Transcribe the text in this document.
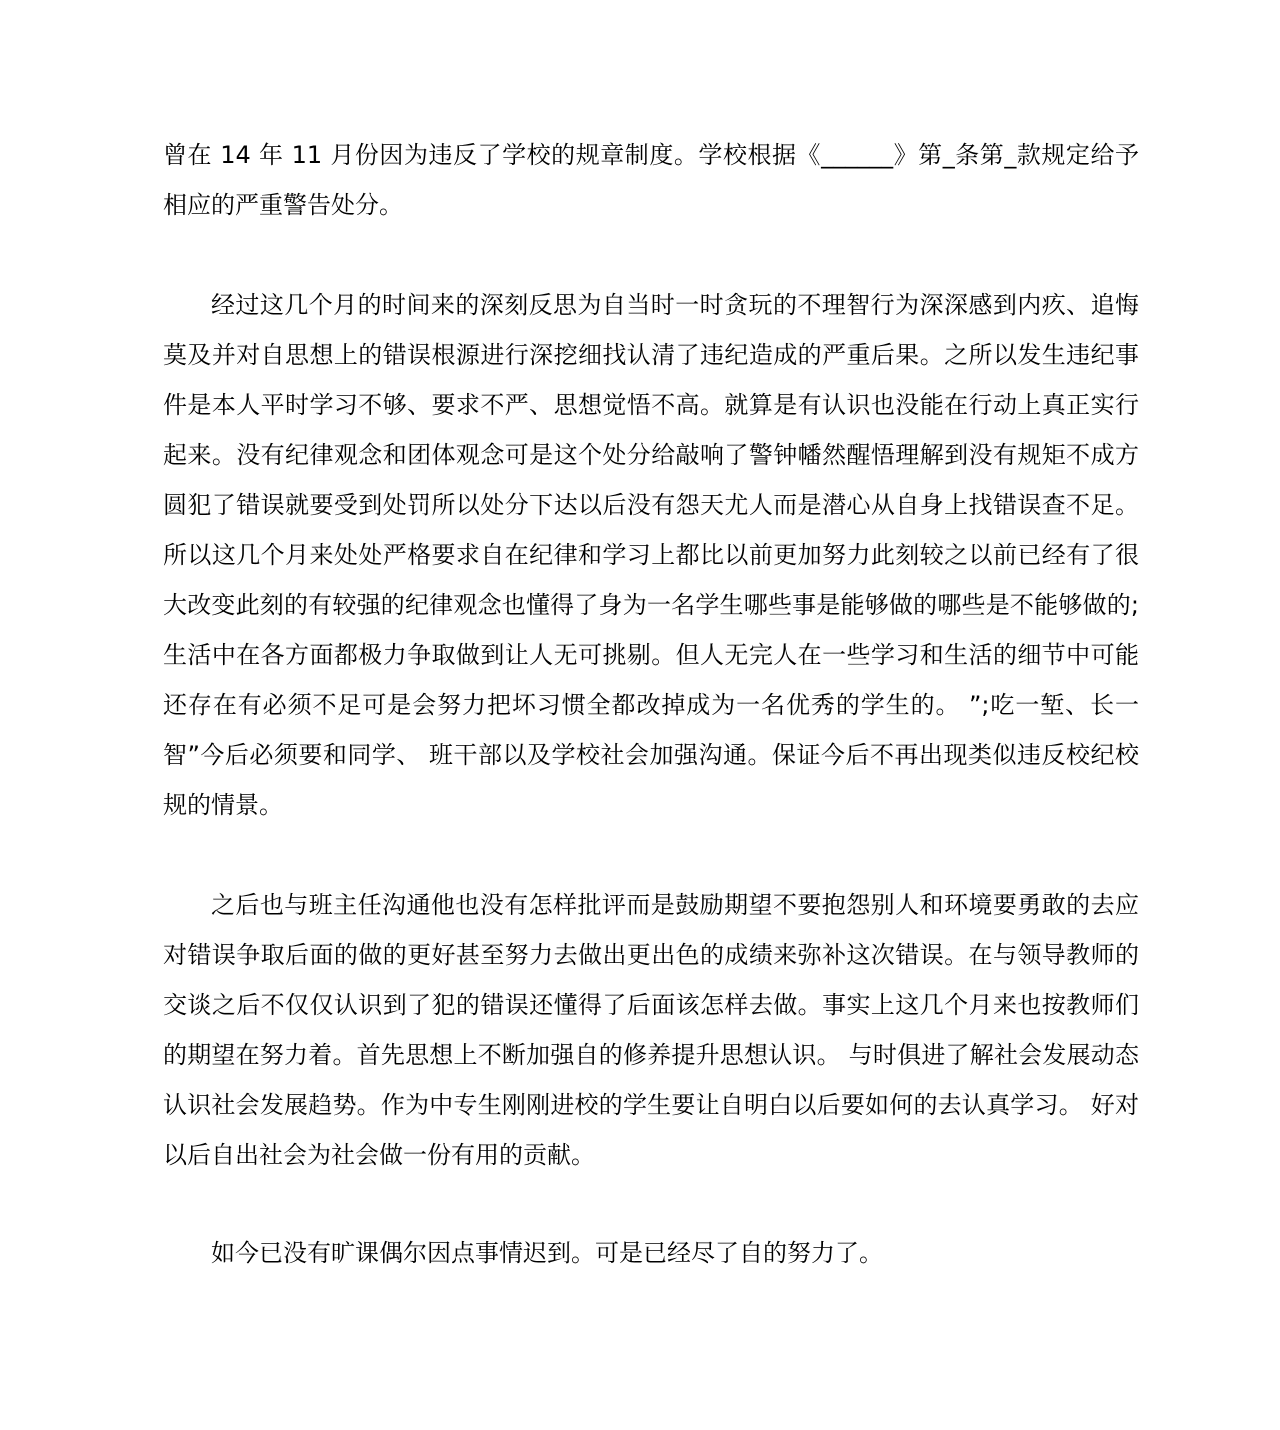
曾在 14 年 11 月份因为违反了学校的规章制度。学校根据《______》第_条第_款规定给予相应的严重警告处分。

经过这几个月的时间来的深刻反思为自当时一时贪玩的不理智行为深深感到内疚、追悔莫及并对自思想上的错误根源进行深挖细找认清了违纪造成的严重后果。之所以发生违纪事件是本人平时学习不够、要求不严、思想觉悟不高。就算是有认识也没能在行动上真正实行起来。没有纪律观念和团体观念可是这个处分给敲响了警钟幡然醒悟理解到没有规矩不成方圆犯了错误就要受到处罚所以处分下达以后没有怨天尤人而是潜心从自身上找错误查不足。所以这几个月来处处严格要求自在纪律和学习上都比以前更加努力此刻较之以前已经有了很大改变此刻的有较强的纪律观念也懂得了身为一名学生哪些事是能够做的哪些是不能够做的;生活中在各方面都极力争取做到让人无可挑剔。但人无完人在一些学习和生活的细节中可能还存在有必须不足可是会努力把坏习惯全都改掉成为一名优秀的学生的。 ”;吃一堑、长一智”今后必须要和同学、 班干部以及学校社会加强沟通。保证今后不再出现类似违反校纪校规的情景。

之后也与班主任沟通他也没有怎样批评而是鼓励期望不要抱怨别人和环境要勇敢的去应对错误争取后面的做的更好甚至努力去做出更出色的成绩来弥补这次错误。在与领导教师的交谈之后不仅仅认识到了犯的错误还懂得了后面该怎样去做。事实上这几个月来也按教师们的期望在努力着。首先思想上不断加强自的修养提升思想认识。 与时俱进了解社会发展动态认识社会发展趋势。作为中专生刚刚进校的学生要让自明白以后要如何的去认真学习。 好对以后自出社会为社会做一份有用的贡献。

如今已没有旷课偶尔因点事情迟到。可是已经尽了自的努力了。
